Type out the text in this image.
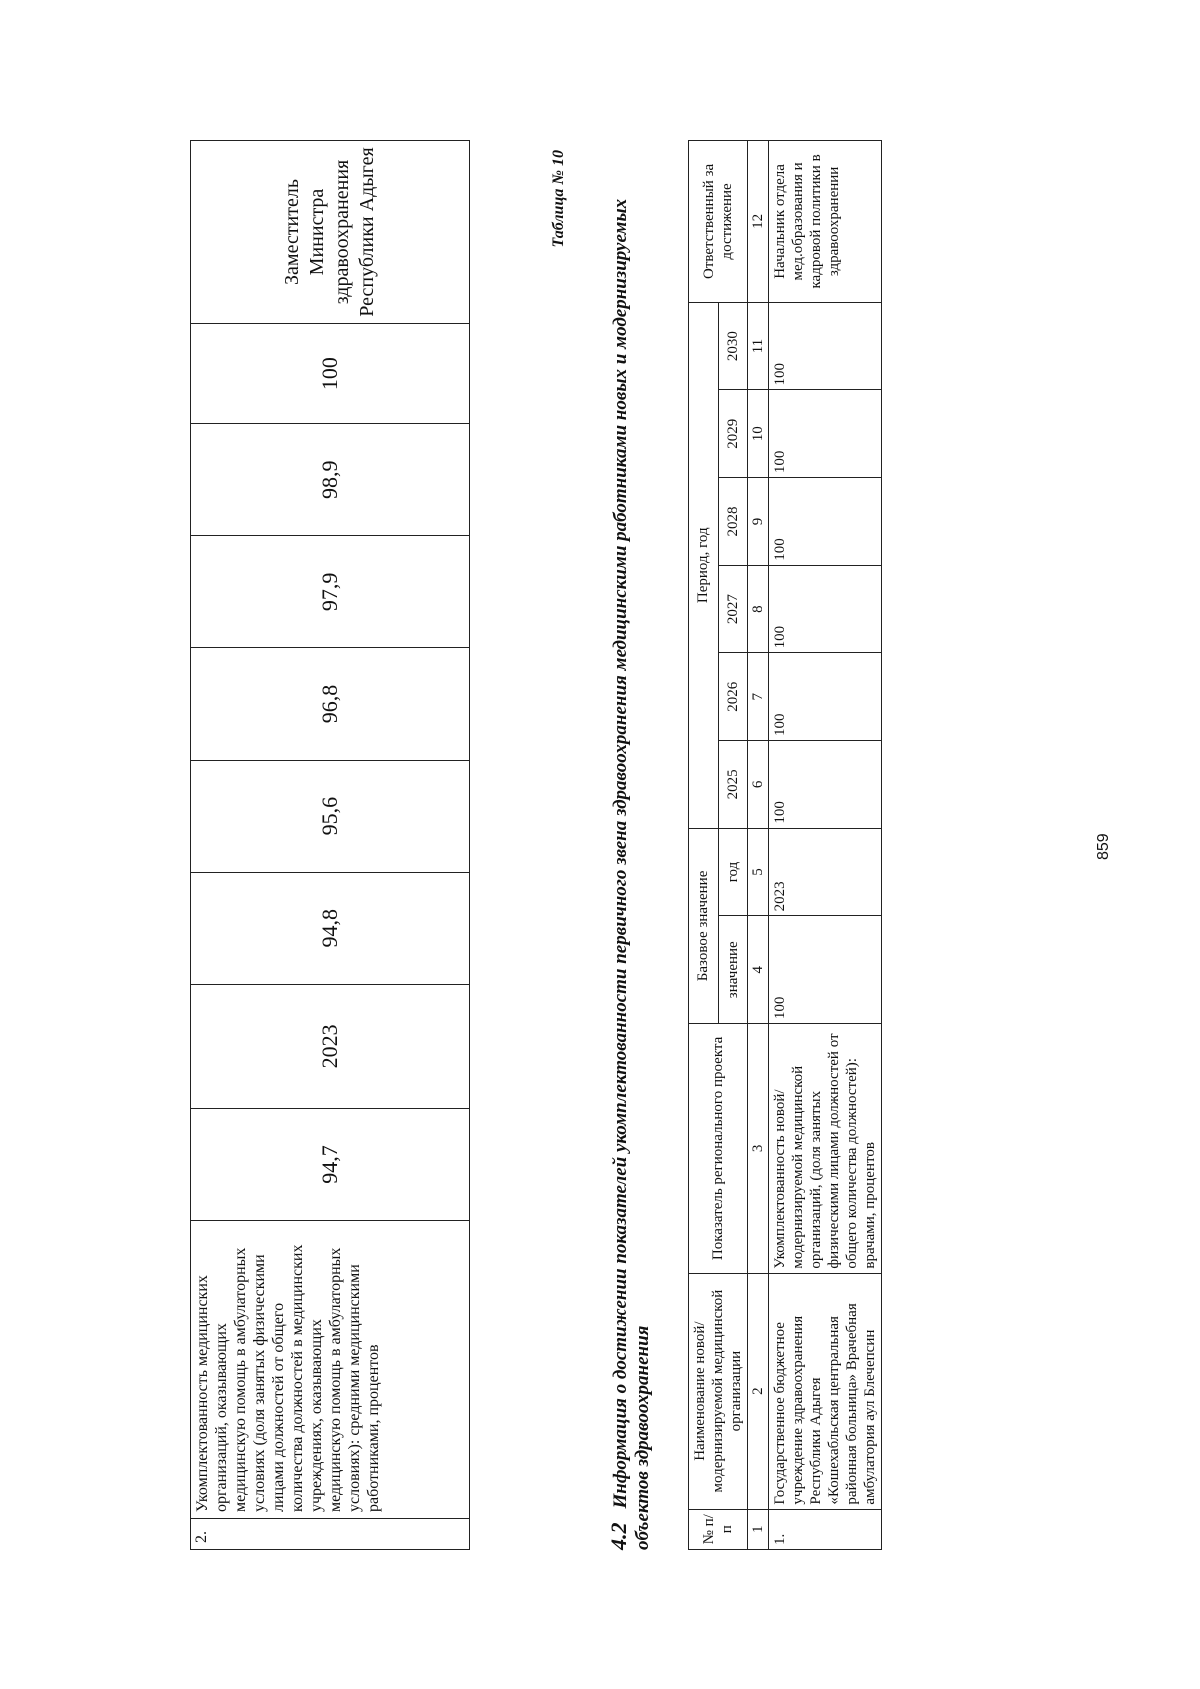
2.	Укомплектованность медицинских организаций, оказывающих медицинскую помощь в амбулаторных условиях (доля занятых физическими лицами должностей от общего количества должностей в медицинских учреждениях, оказывающих медицинскую помощь в амбулаторных условиях): средними медицинскими работниками, процентов	94,7	2023	94,8	95,6	96,8	97,9	98,9	100	Заместитель Министра здравоохранения Республики Адыгея	Таблица № 10
4.2Информация о достижении показателей укомплектованности первичного звена здравоохранения медицинскими работниками новых и модернизируемых объектов здравоохранения	№ п/п	Наименование новой/модернизируемой медицинской организации	Показатель регионального проекта	Базовое значение		Период, год						Ответственный за достижение
			значение	год	2025	2026	2027	2028	2029	2030	
1	2	3	4	5	6	7	8	9	10	11	12
1.	Государственное бюджетное учреждение здравоохранения Республики Адыгея «Кошехабльская центральная районная больница» Врачебная амбулатория аул Блечепсин	Укомплектованность новой/модернизируемой медицинской организаций, (доля занятых физическими лицами должностей от общего количества должностей): врачами, процентов	100	2023	100	100	100	100	100	100	Начальник отдела мед.образования и кадровой политики в здравоохранении
859
